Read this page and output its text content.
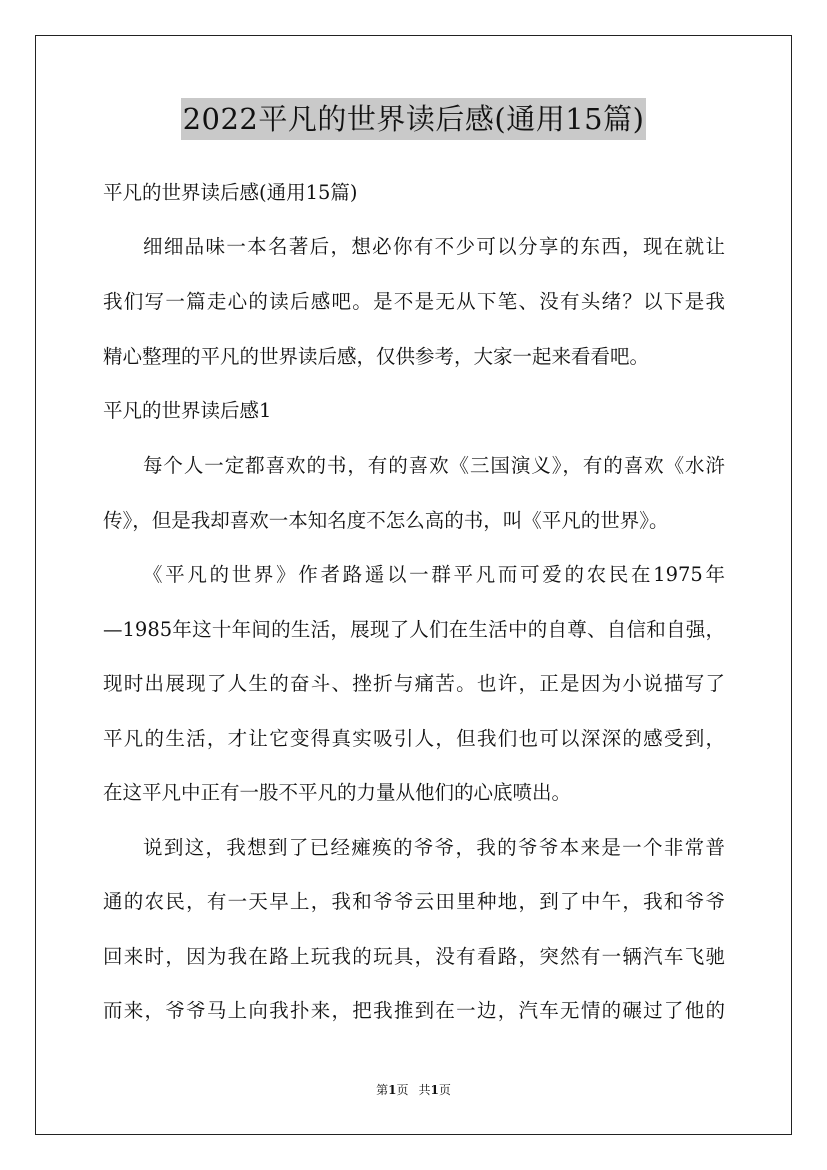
2022平凡的世界读后感(通用15篇)
平凡的世界读后感(通用15篇)
细细品味一本名著后，想必你有不少可以分享的东西，现在就让
我们写一篇走心的读后感吧。是不是无从下笔、没有头绪？以下是我
精心整理的平凡的世界读后感，仅供参考，大家一起来看看吧。
平凡的世界读后感1
每个人一定都喜欢的书，有的喜欢《三国演义》，有的喜欢《水浒
传》，但是我却喜欢一本知名度不怎么高的书，叫《平凡的世界》。
《平凡的世界》作者路遥以一群平凡而可爱的农民在1975年
—1985年这十年间的生活，展现了人们在生活中的自尊、自信和自强，
现时出展现了人生的奋斗、挫折与痛苦。也许，正是因为小说描写了
平凡的生活，才让它变得真实吸引人，但我们也可以深深的感受到，
在这平凡中正有一股不平凡的力量从他们的心底喷出。
说到这，我想到了已经瘫痪的爷爷，我的爷爷本来是一个非常普
通的农民，有一天早上，我和爷爷云田里种地，到了中午，我和爷爷
回来时，因为我在路上玩我的玩具，没有看路，突然有一辆汽车飞驰
而来，爷爷马上向我扑来，把我推到在一边，汽车无情的碾过了他的
第1页 共1页
